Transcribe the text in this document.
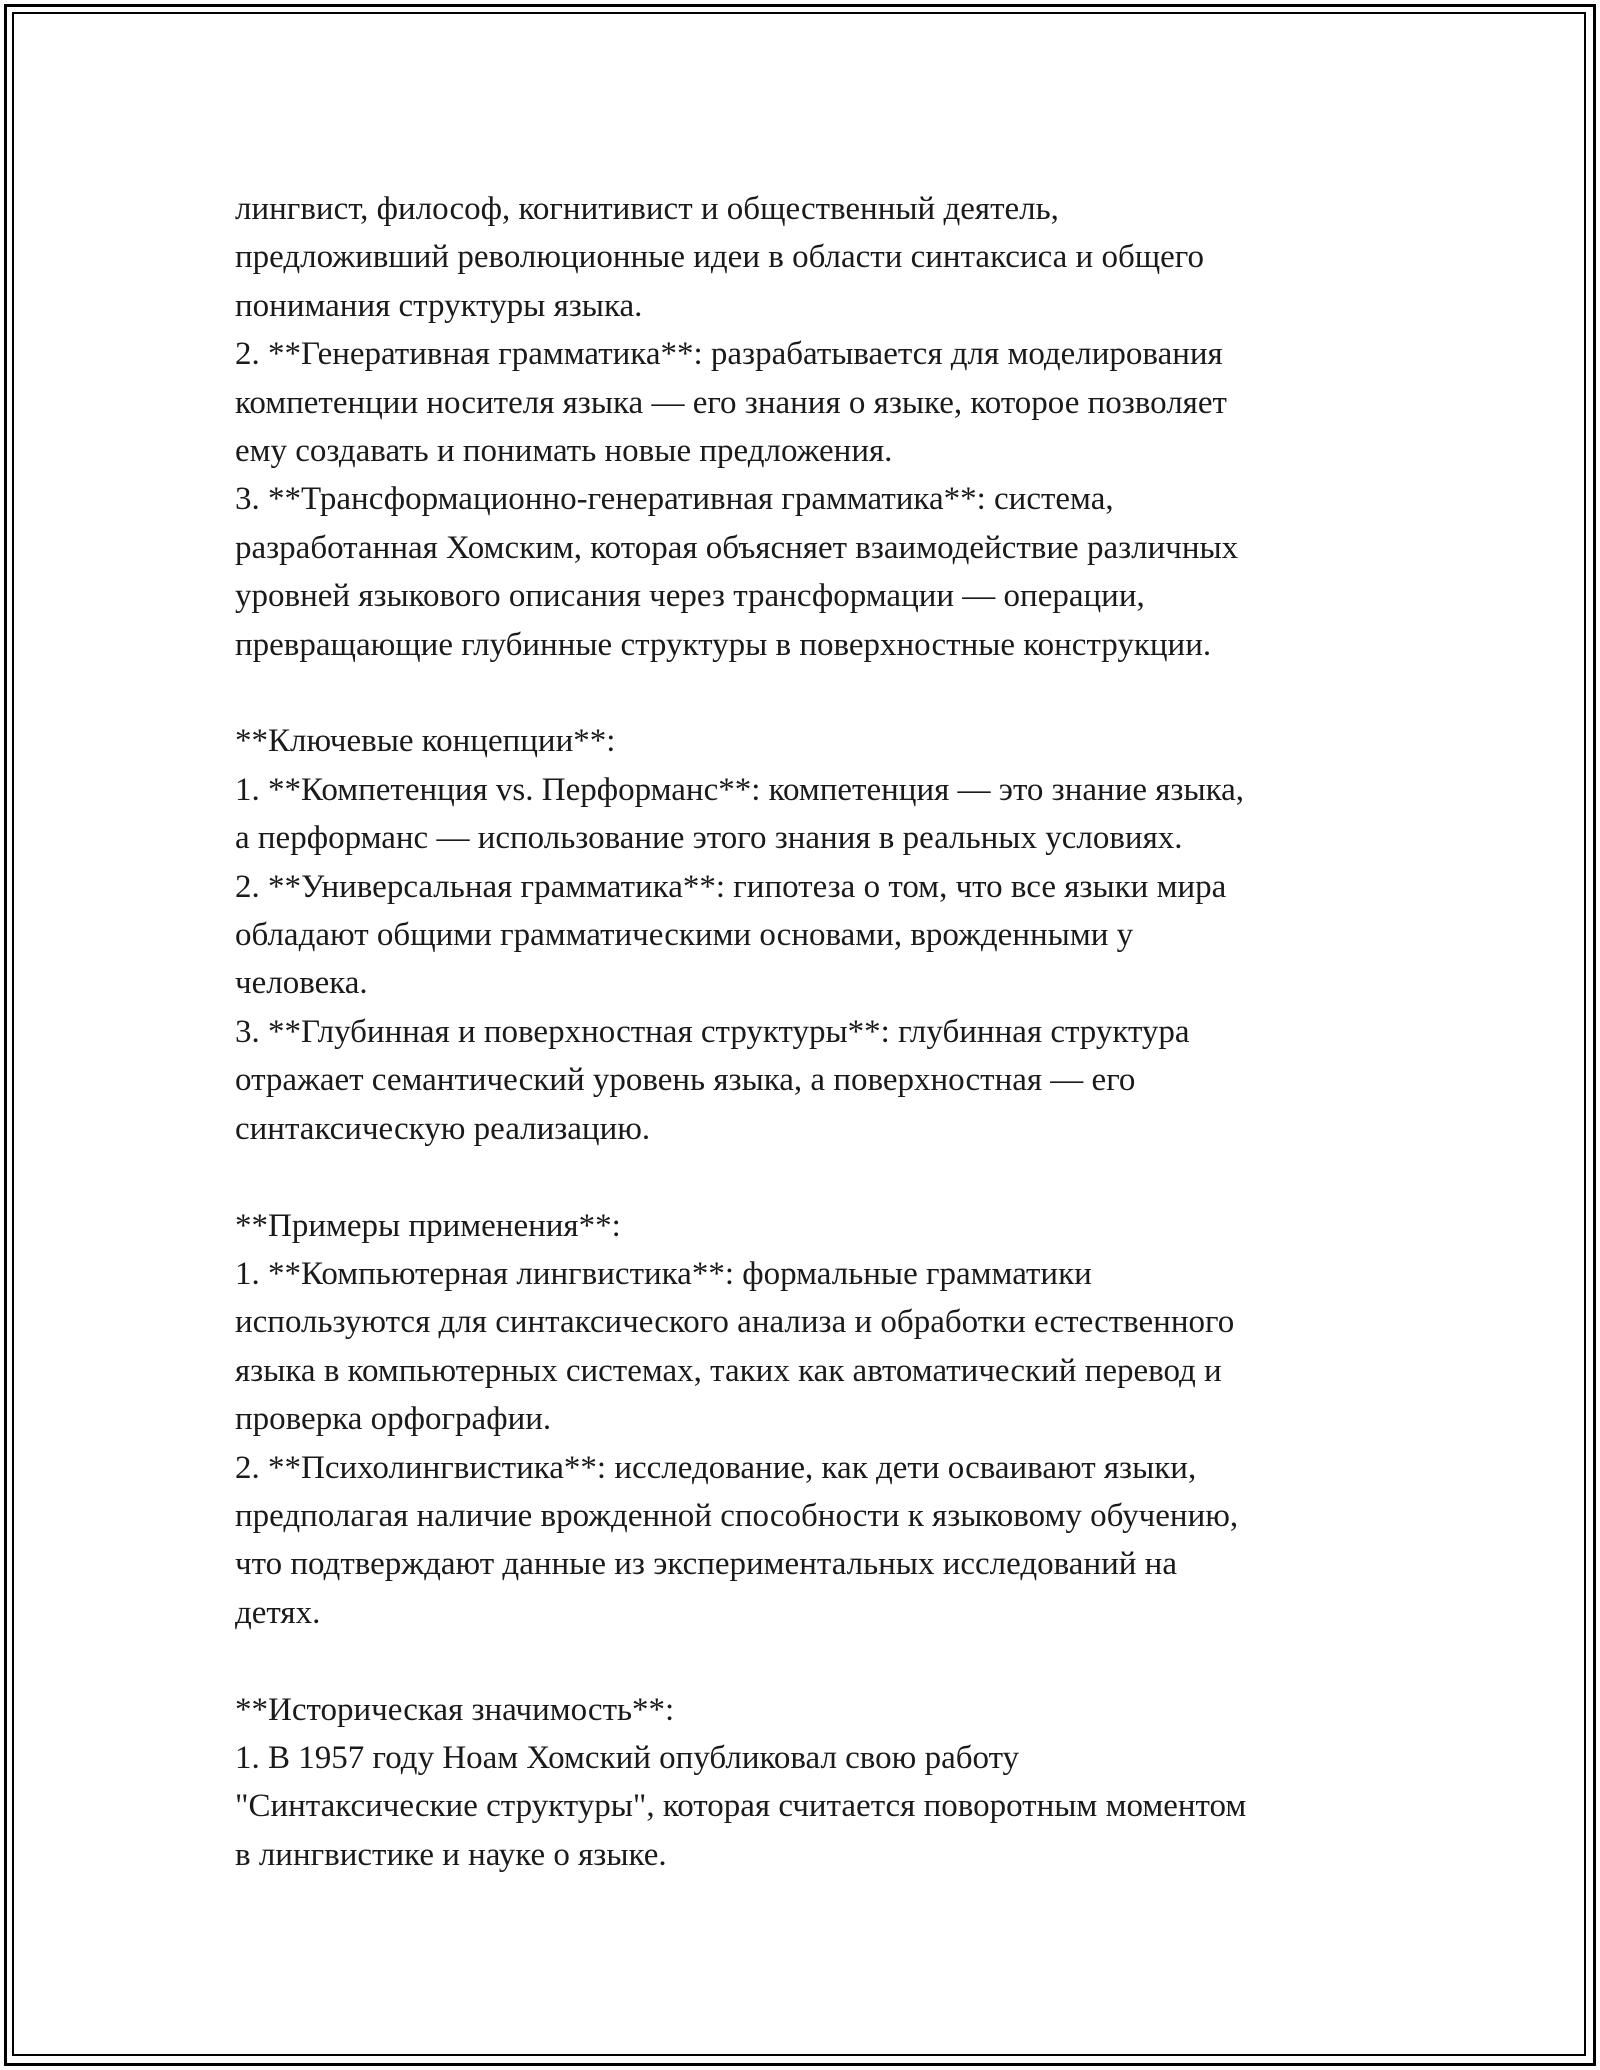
лингвист, философ, когнитивист и общественный деятель,
предложивший революционные идеи в области синтаксиса и общего
понимания структуры языка.

2. **Генеративная грамматика**: разрабатывается для моделирования
компетенции носителя языка — его знания о языке, которое позволяет
ему создавать и понимать новые предложения.

3. **Трансформационно-генеративная грамматика**: система,
разработанная Хомским, которая объясняет взаимодействие различных
уровней языкового описания через трансформации — операции,
превращающие глубинные структуры в поверхностные конструкции.

**Ключевые концепции**:

1. **Компетенция vs. Перформанс**: компетенция — это знание языка,
а перформанс — использование этого знания в реальных условиях.

2. **Универсальная грамматика**: гипотеза о том, что все языки мира
обладают общими грамматическими основами, врожденными у
человека.

3. **Глубинная и поверхностная структуры**: глубинная структура
отражает семантический уровень языка, а поверхностная — его
синтаксическую реализацию.

**Примеры применения**:

1. **Компьютерная лингвистика**: формальные грамматики
используются для синтаксического анализа и обработки естественного
языка в компьютерных системах, таких как автоматический перевод и
проверка орфографии.

2. **Психолингвистика**: исследование, как дети осваивают языки,
предполагая наличие врожденной способности к языковому обучению,
что подтверждают данные из экспериментальных исследований на
детях.

**Историческая значимость**:

1. В 1957 году Ноам Хомский опубликовал свою работу
"Синтаксические структуры", которая считается поворотным моментом
в лингвистике и науке о языке.
